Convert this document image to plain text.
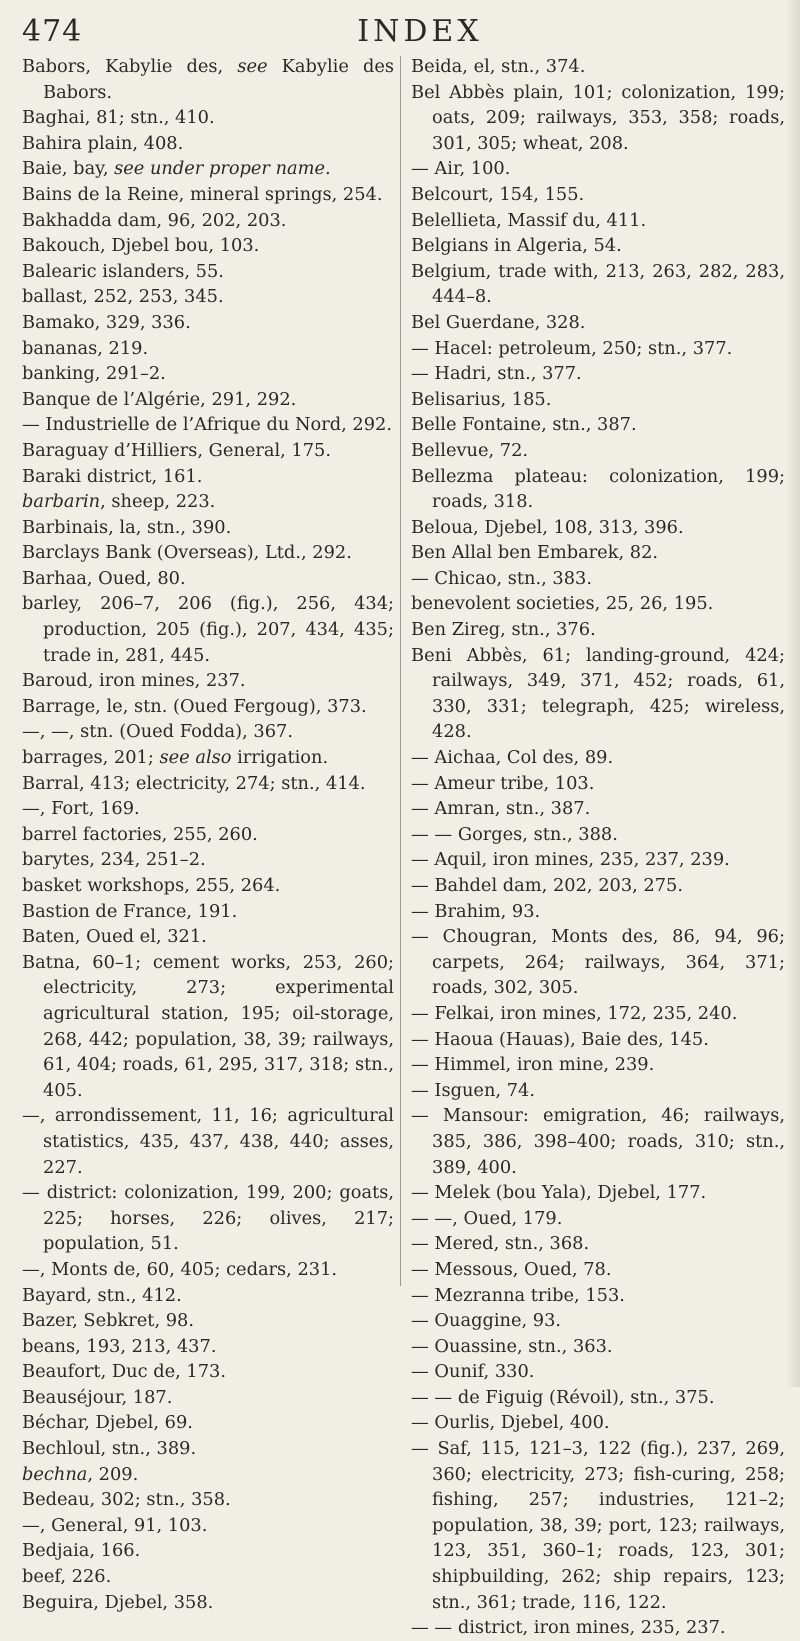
474	INDEX

Babors, Kabylie des, see Kabylie des Babors.

Baghai, 81; stn., 410.

Bahira plain, 408.

Baie, bay, see under proper name.

Bains de la Reine, mineral springs, 254.

Bakhadda dam, 96, 202, 203.

Bakouch, Djebel bou, 103.

Balearic islanders, 55.

ballast, 252, 253, 345.

Bamako, 329, 336.

bananas, 219.

banking, 291–2.

Banque de l’Algérie, 291, 292.

— Industrielle de l’Afrique du Nord, 292.

Baraguay d’Hilliers, General, 175.

Baraki district, 161.

barbarin, sheep, 223.

Barbinais, la, stn., 390.

Barclays Bank (Overseas), Ltd., 292.

Barhaa, Oued, 80.

barley, 206–7, 206 (fig.), 256, 434; production, 205 (fig.), 207, 434, 435; trade in, 281, 445.

Baroud, iron mines, 237.

Barrage, le, stn. (Oued Fergoug), 373.

—, —, stn. (Oued Fodda), 367.

barrages, 201; see also irrigation.

Barral, 413; electricity, 274; stn., 414.

—, Fort, 169.

barrel factories, 255, 260.

barytes, 234, 251–2.

basket workshops, 255, 264.

Bastion de France, 191.

Baten, Oued el, 321.

Batna, 60–1; cement works, 253, 260; electricity, 273; experimental agricultural station, 195; oil-storage, 268, 442; population, 38, 39; railways, 61, 404; roads, 61, 295, 317, 318; stn., 405.

—, arrondissement, 11, 16; agricultural statistics, 435, 437, 438, 440; asses, 227.

— district: colonization, 199, 200; goats, 225; horses, 226; olives, 217; population, 51.

—, Monts de, 60, 405; cedars, 231.

Bayard, stn., 412.

Bazer, Sebkret, 98.

beans, 193, 213, 437.

Beaufort, Duc de, 173.

Beauséjour, 187.

Béchar, Djebel, 69.

Bechloul, stn., 389.

bechna, 209.

Bedeau, 302; stn., 358.

—, General, 91, 103.

Bedjaia, 166.

beef, 226.

Beguira, Djebel, 358.

Beida, el, stn., 374.

Bel Abbès plain, 101; colonization, 199; oats, 209; railways, 353, 358; roads, 301, 305; wheat, 208.

— Air, 100.

Belcourt, 154, 155.

Belellieta, Massif du, 411.

Belgians in Algeria, 54.

Belgium, trade with, 213, 263, 282, 283, 444–8.

Bel Guerdane, 328.

— Hacel: petroleum, 250; stn., 377.

— Hadri, stn., 377.

Belisarius, 185.

Belle Fontaine, stn., 387.

Bellevue, 72.

Bellezma plateau: colonization, 199; roads, 318.

Beloua, Djebel, 108, 313, 396.

Ben Allal ben Embarek, 82.

— Chicao, stn., 383.

benevolent societies, 25, 26, 195.

Ben Zireg, stn., 376.

Beni Abbès, 61; landing-ground, 424; railways, 349, 371, 452; roads, 61, 330, 331; telegraph, 425; wireless, 428.

— Aichaa, Col des, 89.

— Ameur tribe, 103.

— Amran, stn., 387.

— — Gorges, stn., 388.

— Aquil, iron mines, 235, 237, 239.

— Bahdel dam, 202, 203, 275.

— Brahim, 93.

— Chougran, Monts des, 86, 94, 96; carpets, 264; railways, 364, 371; roads, 302, 305.

— Felkai, iron mines, 172, 235, 240.

— Haoua (Hauas), Baie des, 145.

— Himmel, iron mine, 239.

— Isguen, 74.

— Mansour: emigration, 46; railways, 385, 386, 398–400; roads, 310; stn., 389, 400.

— Melek (bou Yala), Djebel, 177.

— —, Oued, 179.

— Mered, stn., 368.

— Messous, Oued, 78.

— Mezranna tribe, 153.

— Ouaggine, 93.

— Ouassine, stn., 363.

— Ounif, 330.

— — de Figuig (Révoil), stn., 375.

— Ourlis, Djebel, 400.

— Saf, 115, 121–3, 122 (fig.), 237, 269, 360; electricity, 273; fish-curing, 258; fishing, 257; industries, 121–2; population, 38, 39; port, 123; railways, 123, 351, 360–1; roads, 123, 301; shipbuilding, 262; ship repairs, 123; stn., 361; trade, 116, 122.

— — district, iron mines, 235, 237.
